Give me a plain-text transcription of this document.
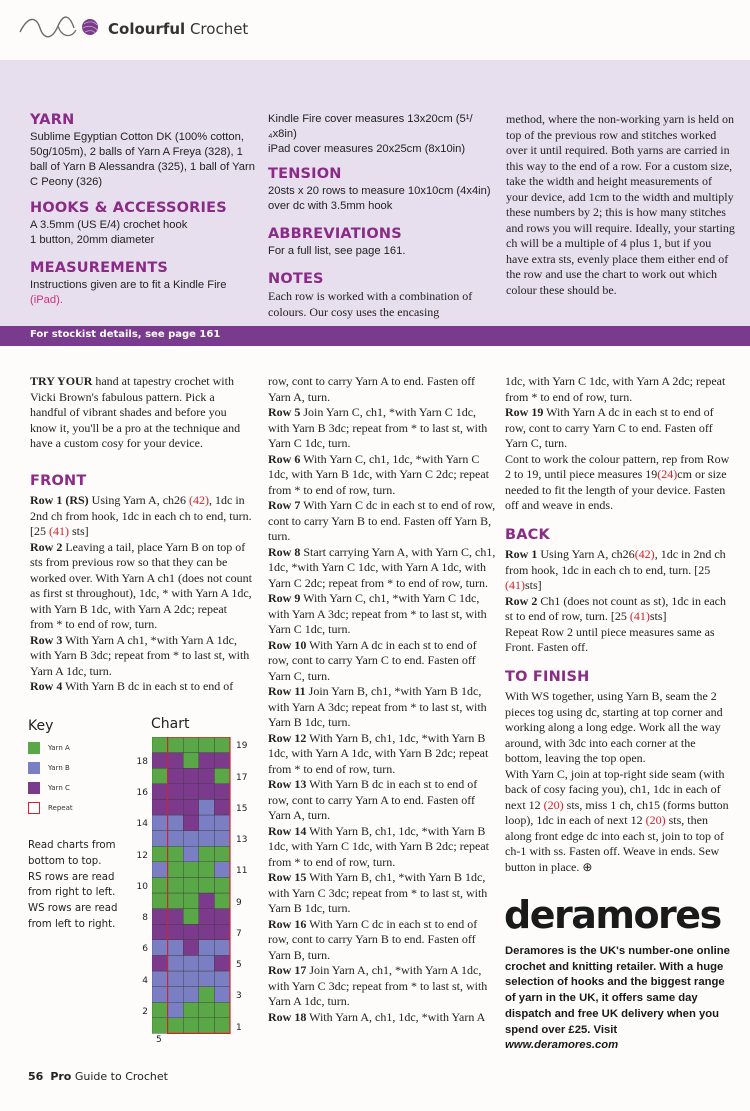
Colourful Crochet
YARN

Sublime Egyptian Cotton DK (100% cotton, 50g/105m), 2 balls of Yarn A Freya (328), 1 ball of Yarn B Alessandra (325), 1 ball of Yarn C Peony (326)

HOOKS & ACCESSORIES

A 3.5mm (US E/4) crochet hook

1 button, 20mm diameter

MEASUREMENTS

Instructions given are to fit a Kindle Fire
(iPad).

Kindle Fire cover measures 13x20cm (5¹/₄x8in)

iPad cover measures 20x25cm (8x10in)

TENSION

20sts x 20 rows to measure 10x10cm (4x4in) over dc with 3.5mm hook

ABBREVIATIONS

For a full list, see page 161.

NOTES

Each row is worked with a combination of colours. Our cosy uses the encasing

method, where the non-working yarn is held on top of the previous row and stitches worked over it until required. Both yarns are carried in this way to the end of a row. For a custom size, take the width and height measurements of your device, add 1cm to the width and multiply these numbers by 2; this is how many stitches and rows you will require. Ideally, your starting ch will be a multiple of 4 plus 1, but if you have extra sts, evenly place them either end of the row and use the chart to work out which colour these should be.

For stockist details, see page 161

TRY YOUR hand at tapestry crochet with Vicki Brown's fabulous pattern. Pick a handful of vibrant shades and before you know it, you'll be a pro at the technique and have a custom cosy for your device.

FRONT

Row 1 (RS) Using Yarn A, ch26 (42), 1dc in 2nd ch from hook, 1dc in each ch to end, turn. [25 (41) sts]

Row 2 Leaving a tail, place Yarn B on top of sts from previous row so that they can be worked over. With Yarn A ch1 (does not count as first st throughout), 1dc, * with Yarn A 1dc, with Yarn B 1dc, with Yarn A 2dc; repeat from * to end of row, turn.

Row 3 With Yarn A ch1, *with Yarn A 1dc, with Yarn B 3dc; repeat from * to last st, with Yarn A 1dc, turn.

Row 4 With Yarn B dc in each st to end of

Key
Yarn A
Yarn B
Yarn C
Repeat
Read charts from bottom to top. RS rows are read from right to left. WS rows are read from left to right.
Chart

row, cont to carry Yarn A to end. Fasten off Yarn A, turn.

Row 5 Join Yarn C, ch1, *with Yarn C 1dc, with Yarn B 3dc; repeat from * to last st, with Yarn C 1dc, turn.

Row 6 With Yarn C, ch1, 1dc, *with Yarn C 1dc, with Yarn B 1dc, with Yarn C 2dc; repeat from * to end of row, turn.

Row 7 With Yarn C dc in each st to end of row, cont to carry Yarn B to end. Fasten off Yarn B, turn.

Row 8 Start carrying Yarn A, with Yarn C, ch1, 1dc, *with Yarn C 1dc, with Yarn A 1dc, with Yarn C 2dc; repeat from * to end of row, turn.

Row 9 With Yarn C, ch1, *with Yarn C 1dc, with Yarn A 3dc; repeat from * to last st, with Yarn C 1dc, turn.

Row 10 With Yarn A dc in each st to end of row, cont to carry Yarn C to end. Fasten off Yarn C, turn.

Row 11 Join Yarn B, ch1, *with Yarn B 1dc, with Yarn A 3dc; repeat from * to last st, with Yarn B 1dc, turn.

Row 12 With Yarn B, ch1, 1dc, *with Yarn B 1dc, with Yarn A 1dc, with Yarn B 2dc; repeat from * to end of row, turn.

Row 13 With Yarn B dc in each st to end of row, cont to carry Yarn A to end. Fasten off Yarn A, turn.

Row 14 With Yarn B, ch1, 1dc, *with Yarn B 1dc, with Yarn C 1dc, with Yarn B 2dc; repeat from * to end of row, turn.

Row 15 With Yarn B, ch1, *with Yarn B 1dc, with Yarn C 3dc; repeat from * to last st, with Yarn B 1dc, turn.

Row 16 With Yarn C dc in each st to end of row, cont to carry Yarn B to end. Fasten off Yarn B, turn.

Row 17 Join Yarn A, ch1, *with Yarn A 1dc, with Yarn C 3dc; repeat from * to last st, with Yarn A 1dc, turn.

Row 18 With Yarn A, ch1, 1dc, *with Yarn A

1dc, with Yarn C 1dc, with Yarn A 2dc; repeat from * to end of row, turn.

Row 19 With Yarn A dc in each st to end of row, cont to carry Yarn C to end. Fasten off Yarn C, turn.

Cont to work the colour pattern, rep from Row 2 to 19, until piece measures 19(24)cm or size needed to fit the length of your device. Fasten off and weave in ends.

BACK

Row 1 Using Yarn A, ch26(42), 1dc in 2nd ch from hook, 1dc in each ch to end, turn. [25 (41)sts]

Row 2 Ch1 (does not count as st), 1dc in each st to end of row, turn. [25 (41)sts]

Repeat Row 2 until piece measures same as Front. Fasten off.

TO FINISH

With WS together, using Yarn B, seam the 2 pieces tog using dc, starting at top corner and working along a long edge. Work all the way around, with 3dc into each corner at the bottom, leaving the top open.

With Yarn C, join at top-right side seam (with back of cosy facing you), ch1, 1dc in each of next 12 (20) sts, miss 1 ch, ch15 (forms button loop), 1dc in each of next 12 (20) sts, then along front edge dc into each st, join to top of ch-1 with ss. Fasten off. Weave in ends. Sew button in place. ⊕

deramores
Deramores is the UK's number-one online crochet and knitting retailer. With a huge selection of hooks and the biggest range of yarn in the UK, it offers same day dispatch and free UK delivery when you spend over £25. Visit www.deramores.com
56 Pro Guide to Crochet
2
4
6
8
10
12
14
16
18
1
3
5
7
9
11
13
15
17
19
5
